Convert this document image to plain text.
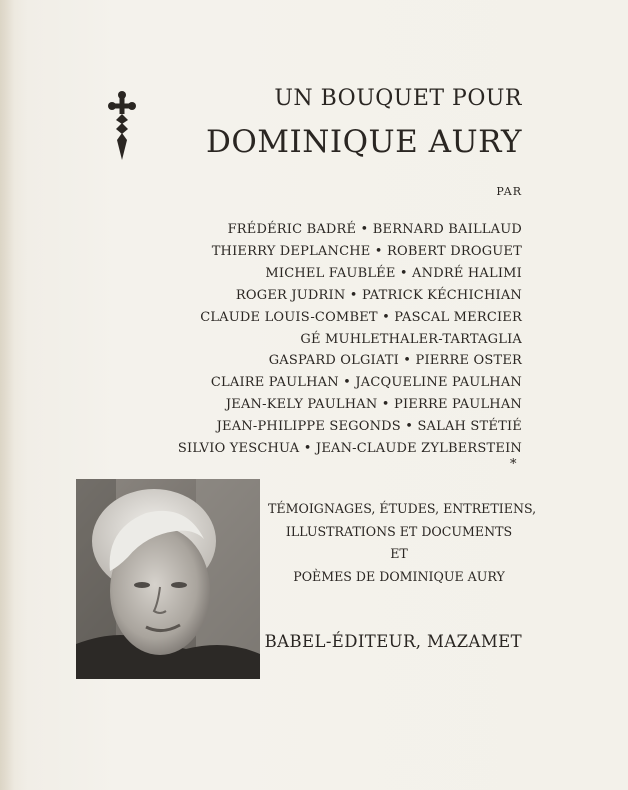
UN BOUQUET POUR
DOMINIQUE AURY
PAR
FRÉDÉRIC BADRÉ • BERNARD BAILLAUD
THIERRY DEPLANCHE • ROBERT DROGUET
MICHEL FAUBLÉE • ANDRÉ HALIMI
ROGER JUDRIN • PATRICK KÉCHICHIAN
CLAUDE LOUIS-COMBET • PASCAL MERCIER
GÉ MUHLETHALER-TARTAGLIA
GASPARD OLGIATI • PIERRE OSTER
CLAIRE PAULHAN • JACQUELINE PAULHAN
JEAN-KELY PAULHAN • PIERRE PAULHAN
JEAN-PHILIPPE SEGONDS • SALAH STÉTIÉ
SILVIO YESCHUA • JEAN-CLAUDE ZYLBERSTEIN
*
TÉMOIGNAGES, ÉTUDES, ENTRETIENS,
ILLUSTRATIONS ET DOCUMENTS
ET
POÈMES DE DOMINIQUE AURY
BABEL-ÉDITEUR, MAZAMET
